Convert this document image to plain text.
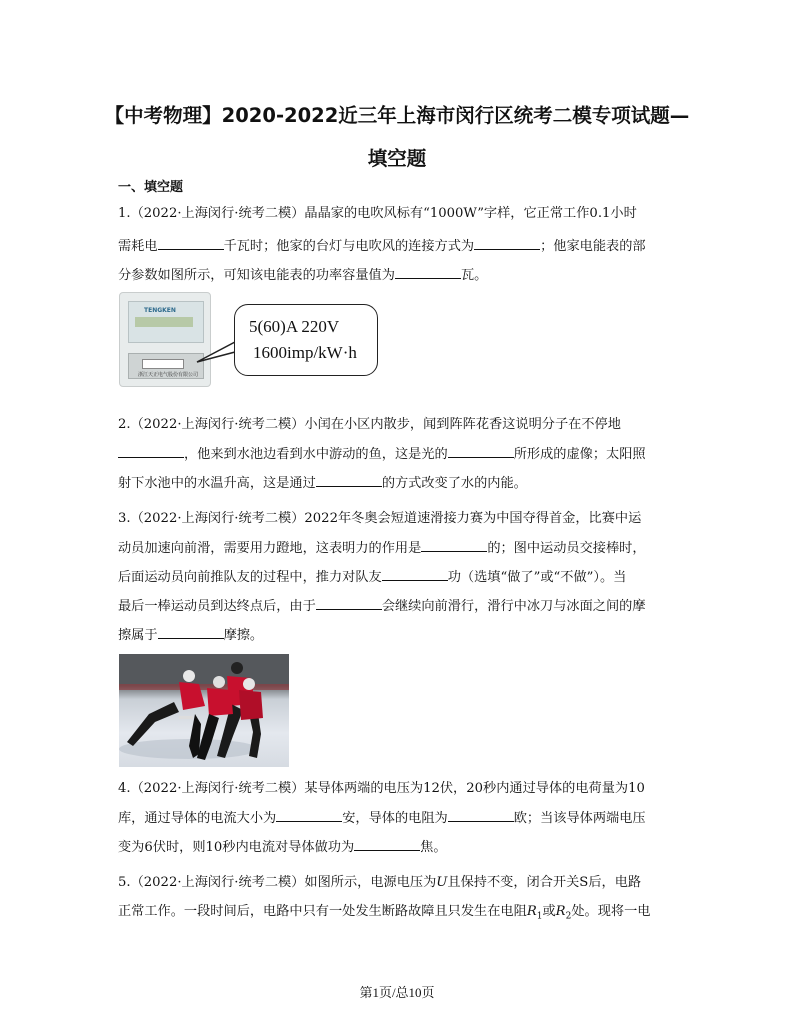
【中考物理】2020-2022近三年上海市闵行区统考二模专项试题—
填空题
一、填空题
1.（2022·上海闵行·统考二模）晶晶家的电吹风标有“1000W”字样，它正常工作0.1小时
需耗电	千瓦时；他家的台灯与电吹风的连接方式为	；他家电能表的部
分参数如图所示，可知该电能表的功率容量值为	瓦。
TENGKEN
浙江天正电气股份有限公司
5(60)A 220V
1600imp/kW·h
2.（2022·上海闵行·统考二模）小闰在小区内散步，闻到阵阵花香这说明分子在不停地
，他来到水池边看到水中游动的鱼，这是光的	所形成的虚像；太阳照
射下水池中的水温升高，这是通过	的方式改变了水的内能。
3.（2022·上海闵行·统考二模）2022年冬奥会短道速滑接力赛为中国夺得首金，比赛中运
动员加速向前滑，需要用力蹬地，这表明力的作用是	的；图中运动员交接棒时，
后面运动员向前推队友的过程中，推力对队友	功（选填“做了”或“不做”）。当
最后一棒运动员到达终点后，由于	会继续向前滑行，滑行中冰刀与冰面之间的摩
擦属于	摩擦。
4.（2022·上海闵行·统考二模）某导体两端的电压为12伏，20秒内通过导体的电荷量为10
库，通过导体的电流大小为	安，导体的电阻为	欧；当该导体两端电压
变为6伏时，则10秒内电流对导体做功为	焦。
5.（2022·上海闵行·统考二模）如图所示，电源电压为U且保持不变，闭合开关S后，电路
正常工作。一段时间后，电路中只有一处发生断路故障且只发生在电阻$R_1$或$R_2$处。现将一电
第1页/总10页
